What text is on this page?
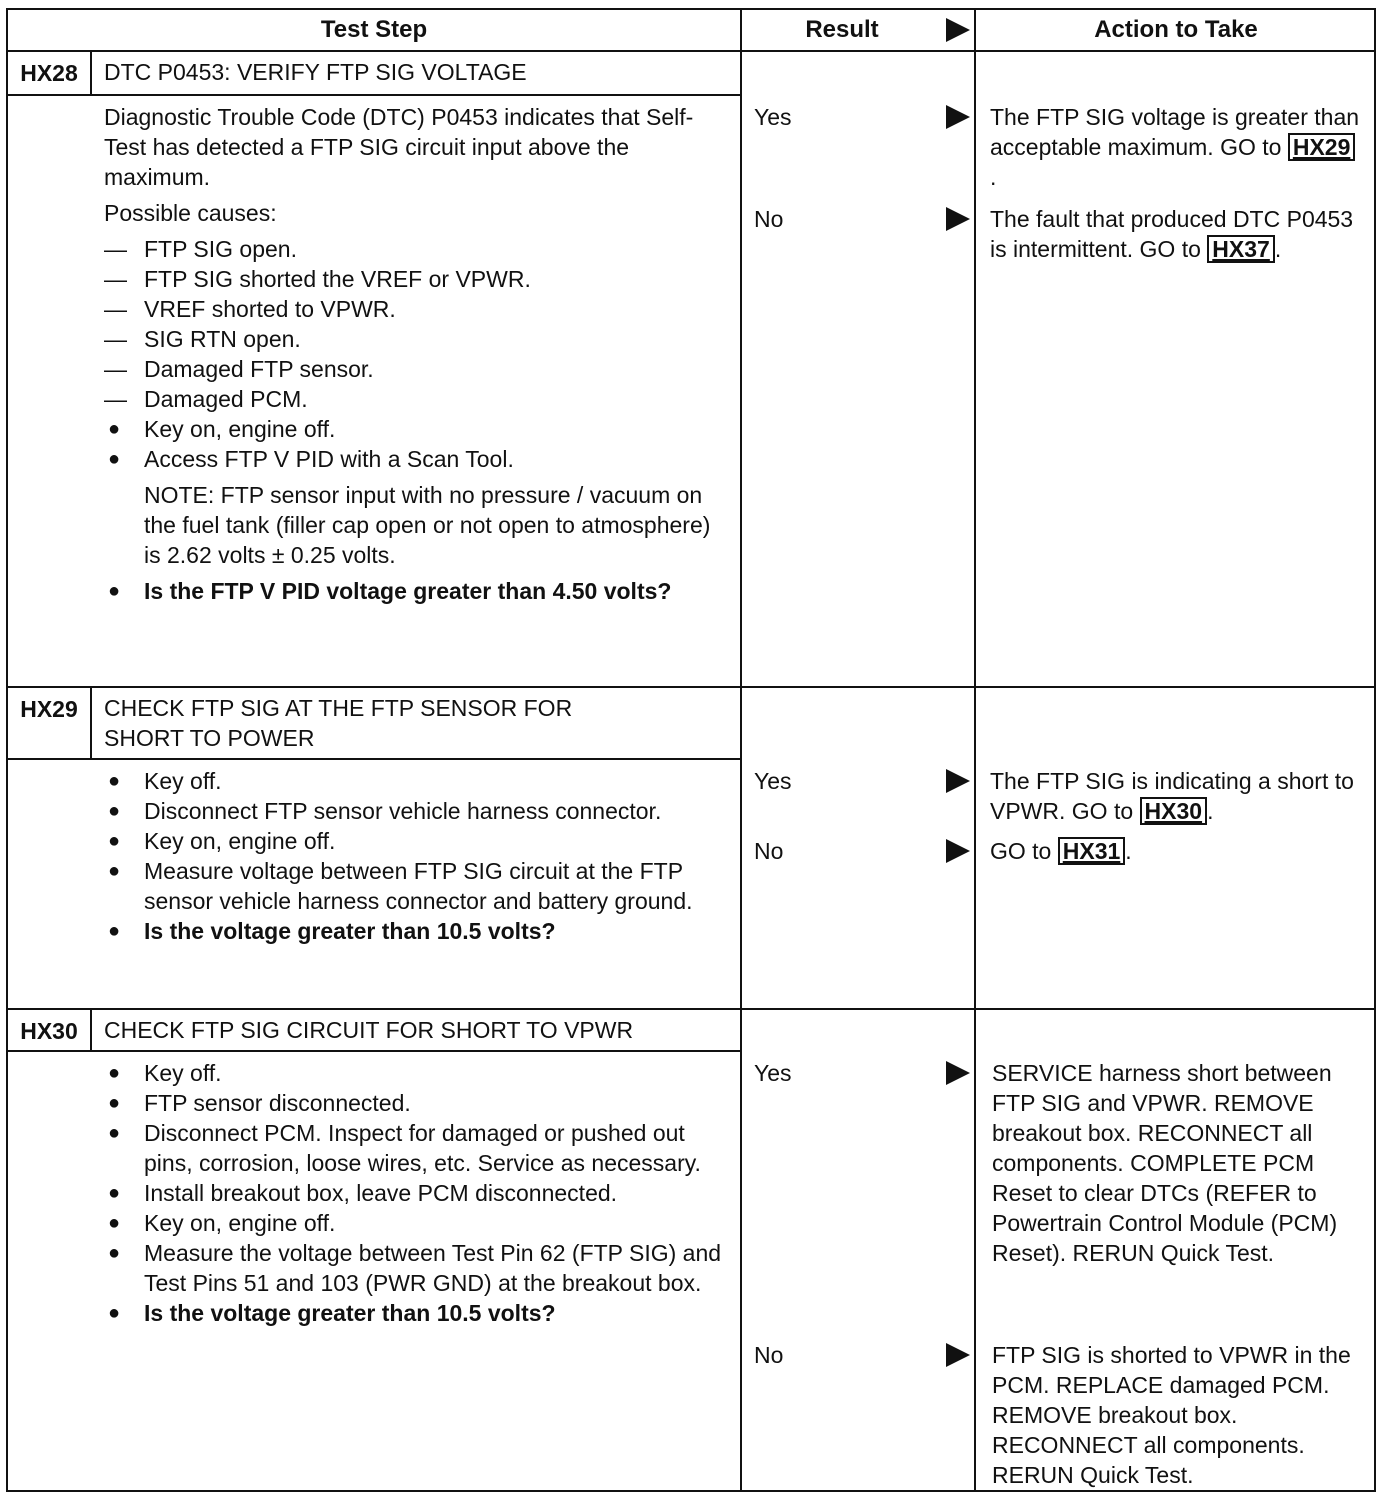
Test Step	Result	Action to Take
HX28	DTC P0453: VERIFY FTP SIG VOLTAGE

Diagnostic Trouble Code (DTC) P0453 indicates that Self-Test has detected a FTP SIG circuit input above the maximum.

Possible causes:

— FTP SIG open.
— FTP SIG shorted the VREF or VPWR.
— VREF shorted to VPWR.
— SIG RTN open.
— Damaged FTP sensor.
— Damaged PCM.
●	Key on, engine off.
●	Access FTP V PID with a Scan Tool.

NOTE: FTP sensor input with no pressure / vacuum on the fuel tank (filler cap open or not open to atmosphere) is 2.62 volts ± 0.25 volts.

●	Is the FTP V PID voltage greater than 4.50 volts?
Yes	The FTP SIG voltage is greater than acceptable maximum. GO to HX29.
No	The fault that produced DTC P0453 is intermittent. GO to HX37 .
HX29	CHECK FTP SIG AT THE FTP SENSOR FOR
SHORT TO POWER
●	Key off.
●	Disconnect FTP sensor vehicle harness connector.
●	Key on, engine off.
●	Measure voltage between FTP SIG circuit at the FTP sensor vehicle harness connector and battery ground.
●	Is the voltage greater than 10.5 volts?
Yes	The FTP SIG is indicating a short to VPWR. GO to HX30 .
No	GO to HX31 .
HX30	CHECK FTP SIG CIRCUIT FOR SHORT TO VPWR
●	Key off.
●	FTP sensor disconnected.
●	Disconnect PCM. Inspect for damaged or pushed out pins, corrosion, loose wires, etc. Service as necessary.
●	Install breakout box, leave PCM disconnected.
●	Key on, engine off.
●	Measure the voltage between Test Pin 62 (FTP SIG) and Test Pins 51 and 103 (PWR GND) at the breakout box.
●	Is the voltage greater than 10.5 volts?
Yes	SERVICE harness short between FTP SIG and VPWR. REMOVE breakout box. RECONNECT all components. COMPLETE PCM Reset to clear DTCs (REFER to Powertrain Control Module (PCM) Reset). RERUN Quick Test.
No	FTP SIG is shorted to VPWR in the PCM. REPLACE damaged PCM. REMOVE breakout box. RECONNECT all components. RERUN Quick Test.
